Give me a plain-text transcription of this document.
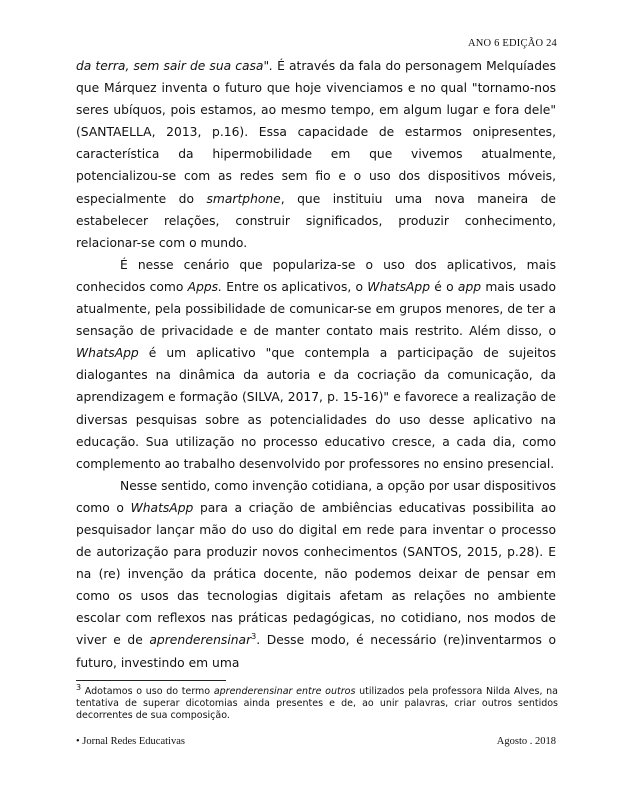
ANO 6 EDIÇÃO 24

da terra, sem sair de sua casa". É através da fala do personagem Melquíades que Márquez inventa o futuro que hoje vivenciamos e no qual "tornamo-nos seres ubíquos, pois estamos, ao mesmo tempo, em algum lugar e fora dele" (SANTAELLA, 2013, p.16). Essa capacidade de estarmos onipresentes, característica da hipermobilidade em que vivemos atualmente, potencializou-se com as redes sem fio e o uso dos dispositivos móveis, especialmente do smartphone, que instituiu uma nova maneira de estabelecer relações, construir significados, produzir conhecimento, relacionar-se com o mundo.

É nesse cenário que populariza-se o uso dos aplicativos, mais conhecidos como Apps. Entre os aplicativos, o WhatsApp é o app mais usado atualmente, pela possibilidade de comunicar-se em grupos menores, de ter a sensação de privacidade e de manter contato mais restrito. Além disso, o WhatsApp é um aplicativo "que contempla a participação de sujeitos dialogantes na dinâmica da autoria e da cocriação da comunicação, da aprendizagem e formação (SILVA, 2017, p. 15-16)" e favorece a realização de diversas pesquisas sobre as potencialidades do uso desse aplicativo na educação. Sua utilização no processo educativo cresce, a cada dia, como complemento ao trabalho desenvolvido por professores no ensino presencial.

Nesse sentido, como invenção cotidiana, a opção por usar dispositivos como o WhatsApp para a criação de ambiências educativas possibilita ao pesquisador lançar mão do uso do digital em rede para inventar o processo de autorização para produzir novos conhecimentos (SANTOS, 2015, p.28). E na (re) invenção da prática docente, não podemos deixar de pensar em como os usos das tecnologias digitais afetam as relações no ambiente escolar com reflexos nas práticas pedagógicas, no cotidiano, nos modos de viver e de aprenderensinar$^3$. Desse modo, é necessário (re)inventarmos o futuro, investindo em uma

$^3$ Adotamos o uso do termo aprenderensinar entre outros utilizados pela professora Nilda Alves, na tentativa de superar dicotomias ainda presentes e de, ao unir palavras, criar outros sentidos decorrentes de sua composição.
• Jornal Redes Educativas	Agosto . 2018
